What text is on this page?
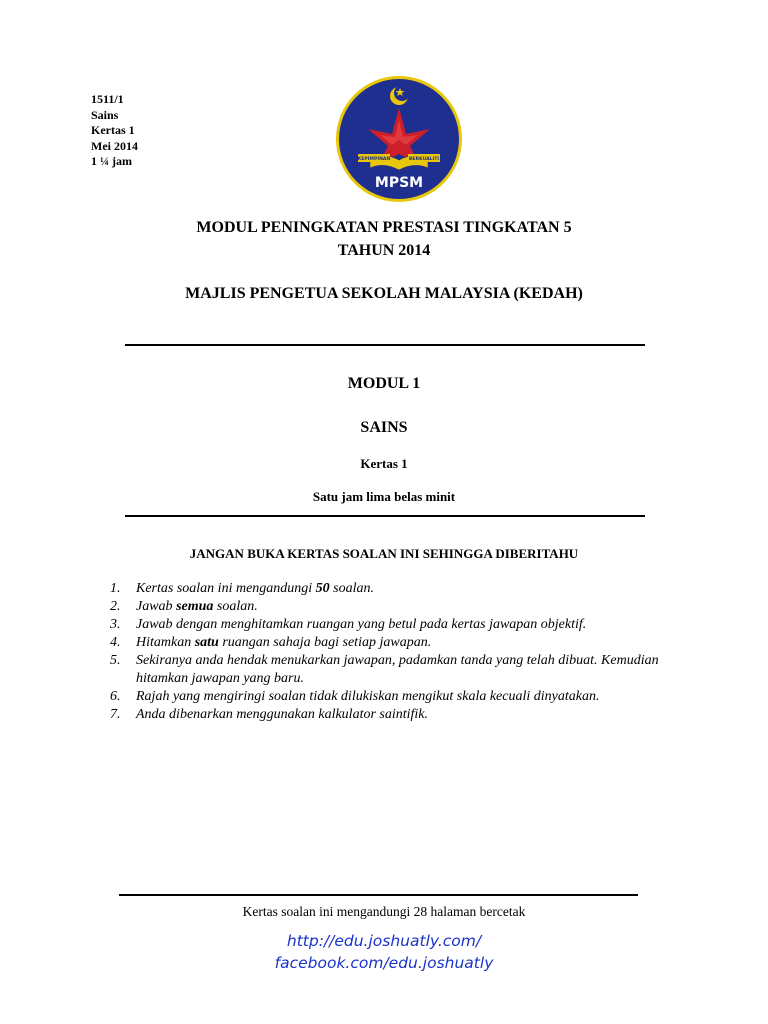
1511/1
Sains
Kertas 1
Mei 2014
1 ¼ jam	KEPIMPINAN	BERKUALITI
MPSM
MODUL PENINGKATAN PRESTASI TINGKATAN 5
TAHUN 2014
MAJLIS PENGETUA SEKOLAH MALAYSIA (KEDAH)
MODUL 1
SAINS
Kertas 1
Satu jam lima belas minit
JANGAN BUKA KERTAS SOALAN INI SEHINGGA DIBERITAHU
1.	Kertas soalan ini mengandungi 50 soalan.
2.	Jawab semua soalan.
3.	Jawab dengan menghitamkan ruangan yang betul pada kertas jawapan objektif.
4.	Hitamkan satu ruangan sahaja bagi setiap jawapan.
5.	Sekiranya anda hendak menukarkan jawapan, padamkan tanda yang telah dibuat. Kemudian hitamkan jawapan yang baru.
6.	Rajah yang mengiringi soalan tidak dilukiskan mengikut skala kecuali dinyatakan.
7.	Anda dibenarkan menggunakan kalkulator saintifik.
Kertas soalan ini mengandungi 28 halaman bercetak
http://edu.joshuatly.com/
facebook.com/edu.joshuatly
